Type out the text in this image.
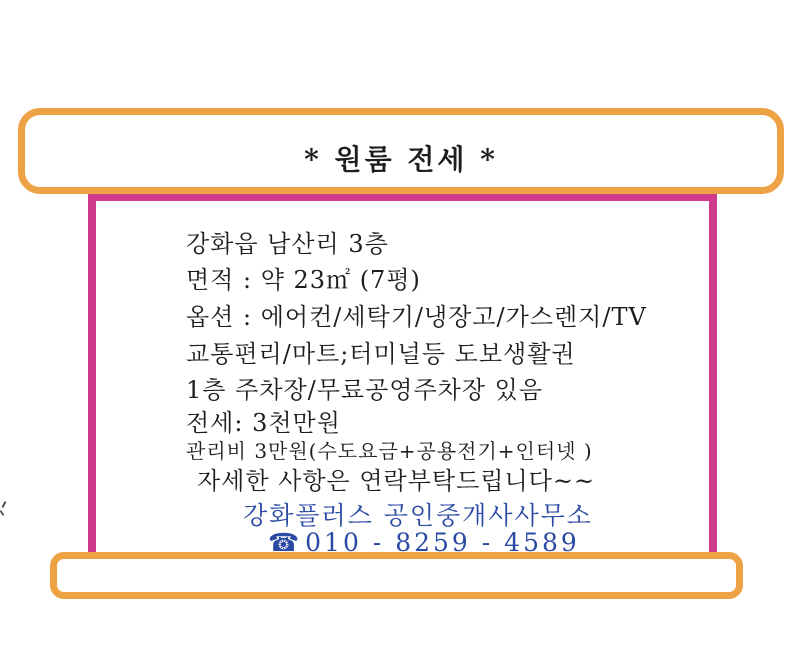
* 원룸 전세 *
강화읍 남산리 3층
면적 : 약 23㎡ (7평)
옵션 : 에어컨/세탁기/냉장고/가스렌지/TV
교통편리/마트;터미널등 도보생활권
1층 주차장/무료공영주차장 있음
전세: 3천만원
관리비 3만원(수도요금+공용전기+인터넷 )
자세한 사항은 연락부탁드립니다~~
강화플러스 공인중개사사무소
☎ 010 - 8259 - 4589
